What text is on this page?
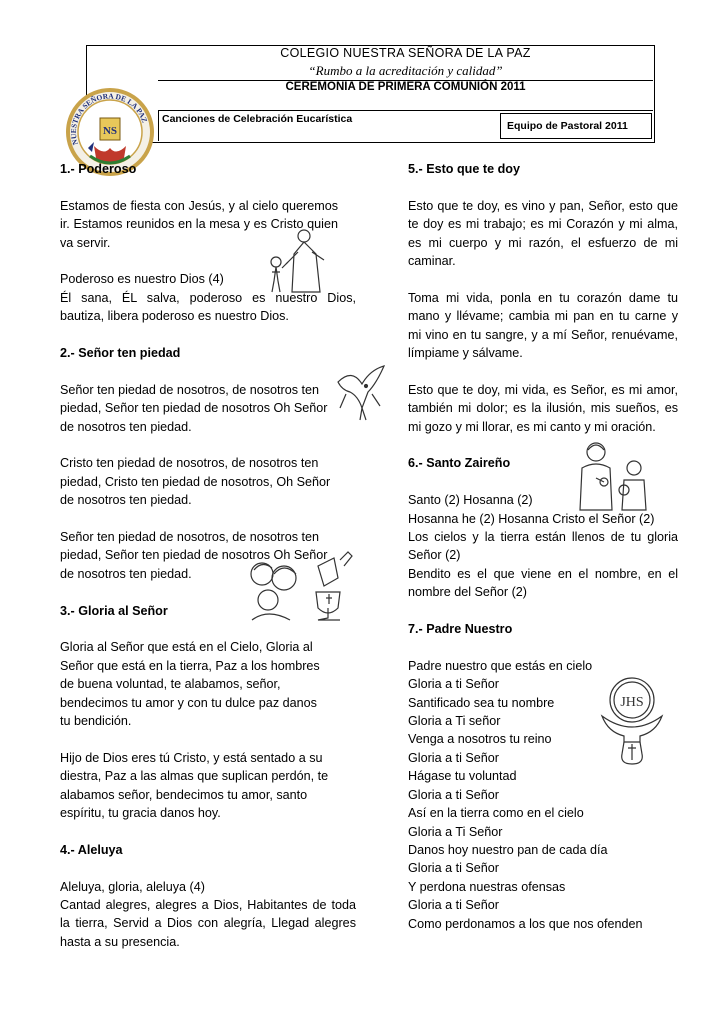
COLEGIO NUESTRA SEÑORA DE LA PAZ
“Rumbo a la acreditación y calidad”
CEREMONIA DE PRIMERA COMUNIÓN 2011
Canciones de Celebración Eucarística
Equipo de Pastoral 2011
NUESTRA SEÑORA DE LA PAZ
NS

1.- Poderoso

Estamos de fiesta con Jesús, y al cielo queremos ir. Estamos reunidos en la mesa y es Cristo quien va servir.

Poderoso es nuestro Dios (4)

Él sana, ÉL salva, poderoso es nuestro Dios, bautiza, libera poderoso es nuestro Dios.

2.- Señor ten piedad

Señor ten piedad de nosotros, de nosotros ten piedad, Señor ten piedad de nosotros Oh Señor de nosotros ten piedad.

Cristo ten piedad de nosotros, de nosotros ten piedad, Cristo ten piedad de nosotros, Oh Señor de nosotros ten piedad.

Señor ten piedad de nosotros, de nosotros ten piedad, Señor ten piedad de nosotros Oh Señor de nosotros ten piedad.

3.- Gloria al Señor

Gloria al Señor que está en el Cielo, Gloria al Señor que está en la tierra, Paz a los hombres de buena voluntad, te alabamos, señor, bendecimos tu amor y con tu dulce paz danos tu bendición.

Hijo de Dios eres tú Cristo, y está sentado a su diestra, Paz a las almas que suplican perdón, te alabamos señor, bendecimos tu amor, santo espíritu, tu gracia danos hoy.

4.- Aleluya

Aleluya, gloria, aleluya (4)

Cantad alegres, alegres a Dios, Habitantes de toda la tierra, Servid a Dios con alegría, Llegad alegres hasta a su presencia.

5.- Esto que te doy

Esto que te doy, es vino y pan, Señor, esto que te doy es mi trabajo; es mi Corazón y mi alma, es mi cuerpo y mi razón, el esfuerzo de mi caminar.

Toma mi vida, ponla en tu corazón dame tu mano y llévame; cambia mi pan en tu carne y mi vino en tu sangre, y a mí Señor, renuévame, límpiame y sálvame.

Esto que te doy, mi vida, es Señor, es mi amor, también mi dolor; es la ilusión, mis sueños, es mi gozo y mi llorar, es mi canto y mi oración.

6.- Santo Zaireño

Santo (2) Hosanna (2)

Hosanna he (2) Hosanna Cristo el Señor (2)

Los cielos y la tierra están llenos de tu gloria Señor (2)

Bendito es el que viene en el nombre, en el nombre del Señor (2)

7.- Padre Nuestro

Padre nuestro que estás en cielo

Gloria a ti Señor

Santificado sea tu nombre

Gloria a Ti señor

Venga a nosotros tu reino

Gloria a ti Señor

Hágase tu voluntad

Gloria a ti Señor

Así en la tierra como en el cielo

Gloria a Ti Señor

Danos hoy nuestro pan de cada día

Gloria a ti Señor

Y perdona nuestras ofensas

Gloria a ti Señor

Como perdonamos a los que nos ofenden

JHS
